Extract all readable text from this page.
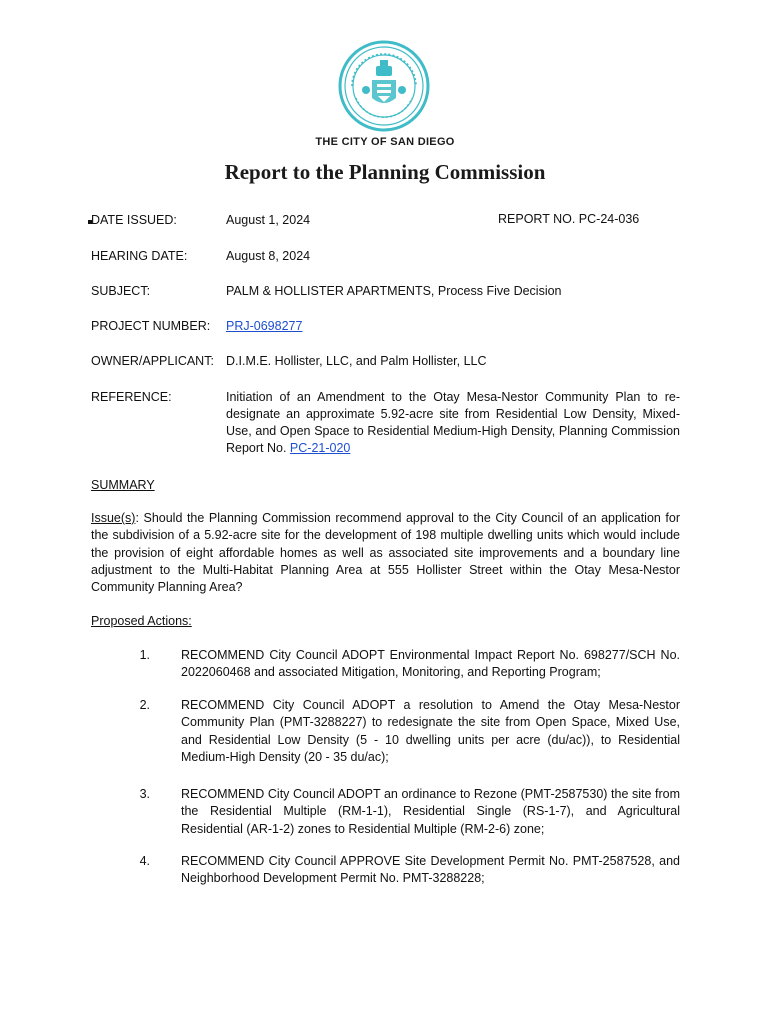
THE CITY OF SAN DIEGO
Report to the Planning Commission
DATE ISSUED:	August 1, 2024	REPORT NO. PC-24-036
HEARING DATE:	August 8, 2024
SUBJECT:	PALM & HOLLISTER APARTMENTS, Process Five Decision
PROJECT NUMBER: PRJ-0698277
OWNER/APPLICANT: D.I.M.E. Hollister, LLC, and Palm Hollister, LLC
REFERENCE:	Initiation of an Amendment to the Otay Mesa-Nestor Community Plan to re-designate an approximate 5.92-acre site from Residential Low Density, Mixed-Use, and Open Space to Residential Medium-High Density, Planning Commission Report No. PC-21-020
SUMMARY
Issue(s): Should the Planning Commission recommend approval to the City Council of an application for the subdivision of a 5.92-acre site for the development of 198 multiple dwelling units which would include the provision of eight affordable homes as well as associated site improvements and a boundary line adjustment to the Multi-Habitat Planning Area at 555 Hollister Street within the Otay Mesa-Nestor Community Planning Area?
Proposed Actions:
1. RECOMMEND City Council ADOPT Environmental Impact Report No. 698277/SCH No. 2022060468 and associated Mitigation, Monitoring, and Reporting Program;
2. RECOMMEND City Council ADOPT a resolution to Amend the Otay Mesa-Nestor Community Plan (PMT-3288227) to redesignate the site from Open Space, Mixed Use, and Residential Low Density (5 - 10 dwelling units per acre (du/ac)), to Residential Medium-High Density (20 - 35 du/ac);
3. RECOMMEND City Council ADOPT an ordinance to Rezone (PMT-2587530) the site from the Residential Multiple (RM-1-1), Residential Single (RS-1-7), and Agricultural Residential (AR-1-2) zones to Residential Multiple (RM-2-6) zone;
4. RECOMMEND City Council APPROVE Site Development Permit No. PMT-2587528, and Neighborhood Development Permit No. PMT-3288228;
